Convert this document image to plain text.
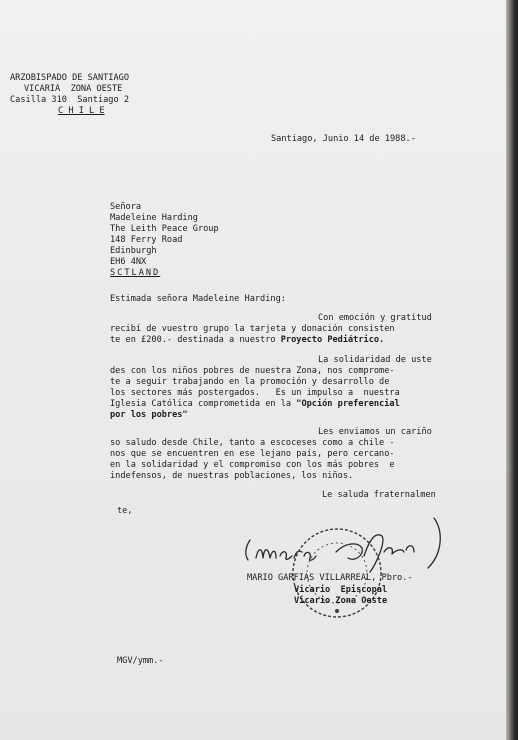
ARZOBISPADO DE SANTIAGO
VICARIA  ZONA OESTE
Casilla 310  Santiago 2
C H I L E
Santiago, Junio 14 de 1988.-
Señora
Madeleine Harding
The Leith Peace Group
148 Ferry Road
Edinburgh
EH6 4NX
SCTLAND
Estimada señora Madeleine Harding:
Con emoción y gratitud
recibí de vuestro grupo la tarjeta y donación consisten
te en £200.- destinada a nuestro Proyecto Pediátrico.
La solidaridad de uste
des con los niños pobres de nuestra Zona, nos comprome-
te a seguir trabajando en la promoción y desarrollo de
los sectores más postergados.   Es un impulso a  nuestra
Iglesia Católica comprometida en la "Opción preferencial
por los pobres"
Les enviamos un cariño
so saludo desde Chile, tanto a escoceses como a chile -
nos que se encuentren en ese lejano país, pero cercano-
en la solidaridad y el compromiso con los más pobres  e
indefensos, de nuestras poblaciones, los niños.
Le saluda fraternalmen
te,
MARIO GARFIAS VILLARREAL, Pbro.-
Vicario  Episcopal
Vicario Zona Oeste
MGV/ymm.-
